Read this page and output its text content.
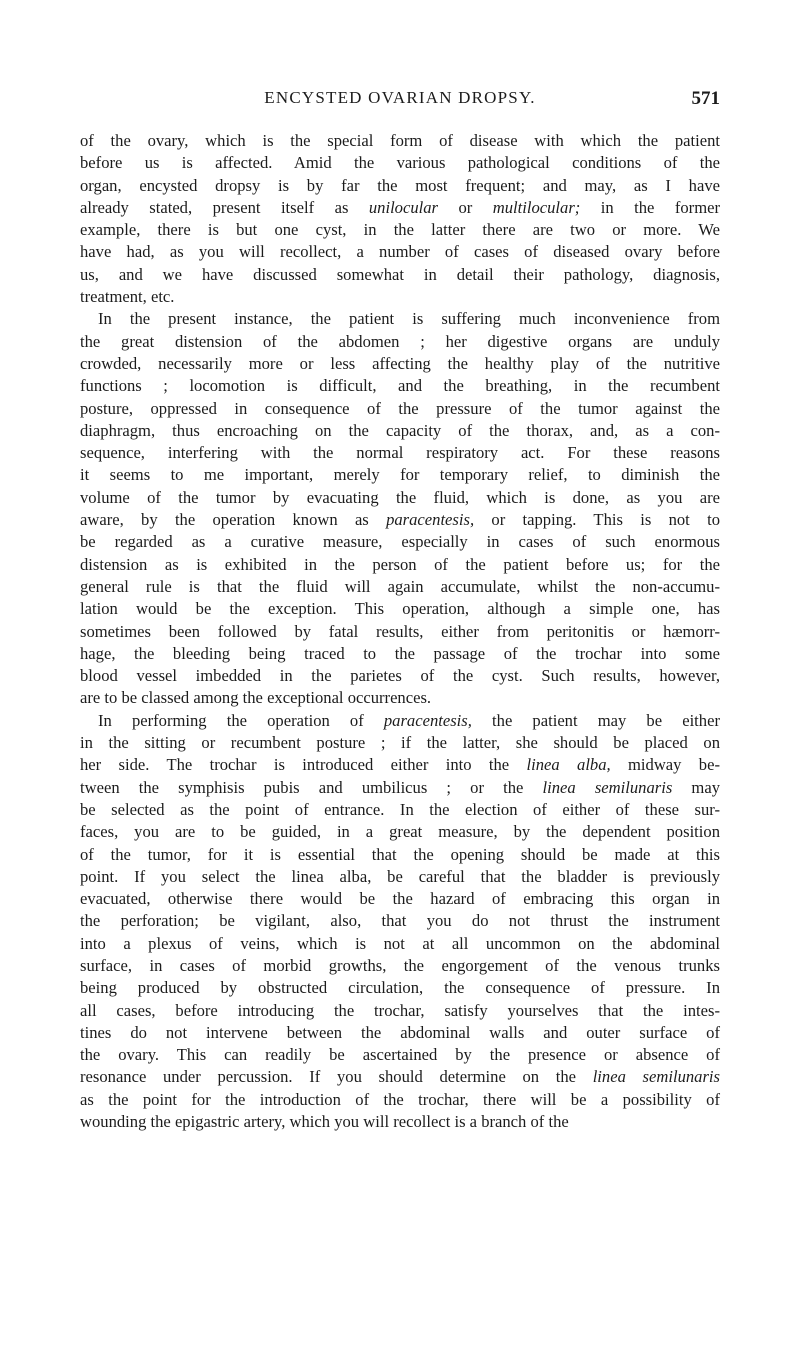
ENCYSTED OVARIAN DROPSY.	571
of the ovary, which is the special form of disease with which the patient
before us is affected. Amid the various pathological conditions of the
organ, encysted dropsy is by far the most frequent; and may, as I have
already stated, present itself as unilocular or multilocular; in the former
example, there is but one cyst, in the latter there are two or more. We
have had, as you will recollect, a number of cases of diseased ovary before
us, and we have discussed somewhat in detail their pathology, diagnosis,
treatment, etc.
In the present instance, the patient is suffering much inconvenience from
the great distension of the abdomen ; her digestive organs are unduly
crowded, necessarily more or less affecting the healthy play of the nutritive
functions ; locomotion is difficult, and the breathing, in the recumbent
posture, oppressed in consequence of the pressure of the tumor against the
diaphragm, thus encroaching on the capacity of the thorax, and, as a con-
sequence, interfering with the normal respiratory act. For these reasons
it seems to me important, merely for temporary relief, to diminish the
volume of the tumor by evacuating the fluid, which is done, as you are
aware, by the operation known as paracentesis, or tapping. This is not to
be regarded as a curative measure, especially in cases of such enormous
distension as is exhibited in the person of the patient before us; for the
general rule is that the fluid will again accumulate, whilst the non-accumu-
lation would be the exception. This operation, although a simple one, has
sometimes been followed by fatal results, either from peritonitis or hæmorr-
hage, the bleeding being traced to the passage of the trochar into some
blood vessel imbedded in the parietes of the cyst. Such results, however,
are to be classed among the exceptional occurrences.
In performing the operation of paracentesis, the patient may be either
in the sitting or recumbent posture ; if the latter, she should be placed on
her side. The trochar is introduced either into the linea alba, midway be-
tween the symphisis pubis and umbilicus ; or the linea semilunaris may
be selected as the point of entrance. In the election of either of these sur-
faces, you are to be guided, in a great measure, by the dependent position
of the tumor, for it is essential that the opening should be made at this
point. If you select the linea alba, be careful that the bladder is previously
evacuated, otherwise there would be the hazard of embracing this organ in
the perforation; be vigilant, also, that you do not thrust the instrument
into a plexus of veins, which is not at all uncommon on the abdominal
surface, in cases of morbid growths, the engorgement of the venous trunks
being produced by obstructed circulation, the consequence of pressure. In
all cases, before introducing the trochar, satisfy yourselves that the intes-
tines do not intervene between the abdominal walls and outer surface of
the ovary. This can readily be ascertained by the presence or absence of
resonance under percussion. If you should determine on the linea semilunaris
as the point for the introduction of the trochar, there will be a possibility of
wounding the epigastric artery, which you will recollect is a branch of the
